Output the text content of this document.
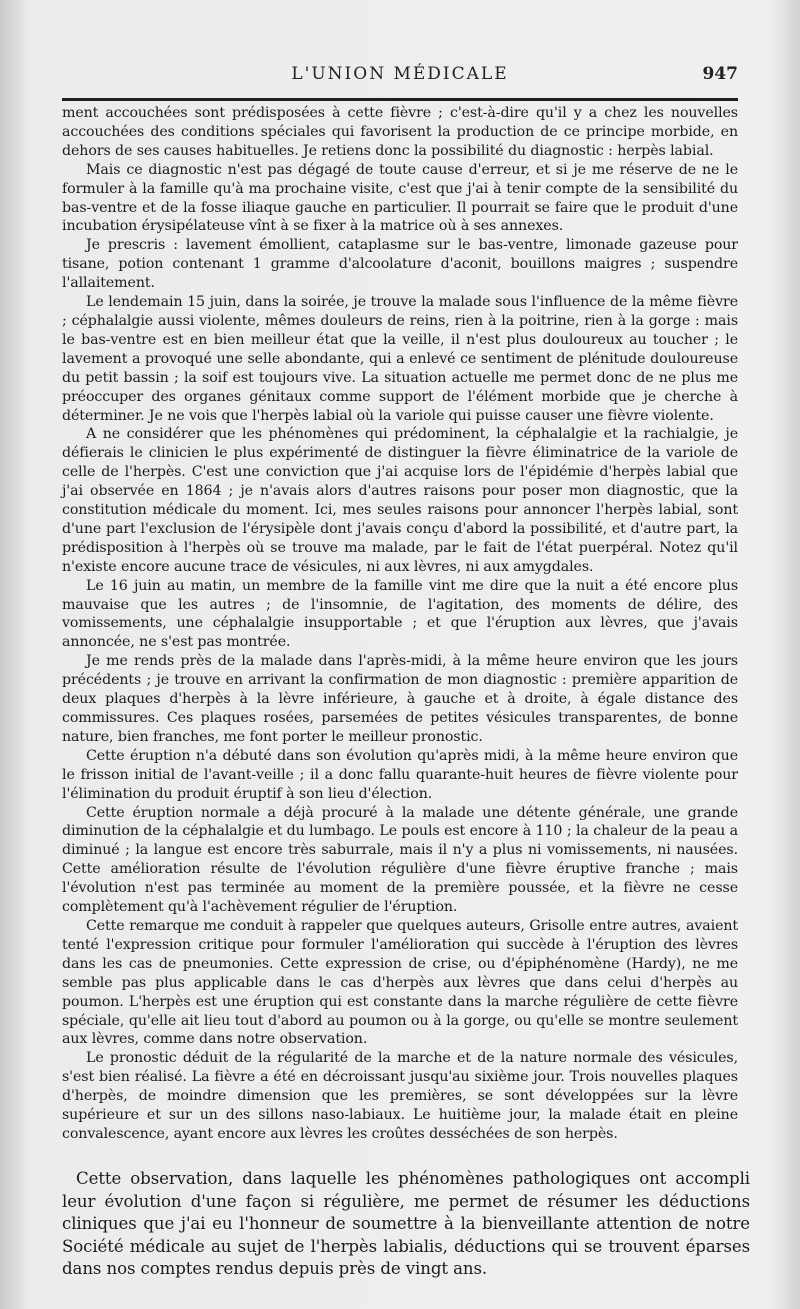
L'UNION MÉDICALE	947

ment accouchées sont prédisposées à cette fièvre ; c'est-à-dire qu'il y a chez les nouvelles accouchées des conditions spéciales qui favorisent la production de ce principe morbide, en dehors de ses causes habituelles. Je retiens donc la possibilité du diagnostic : herpès labial.

Mais ce diagnostic n'est pas dégagé de toute cause d'erreur, et si je me réserve de ne le formuler à la famille qu'à ma prochaine visite, c'est que j'ai à tenir compte de la sensibilité du bas-ventre et de la fosse iliaque gauche en particulier. Il pourrait se faire que le produit d'une incubation érysipélateuse vînt à se fixer à la matrice où à ses annexes.

Je prescris : lavement émollient, cataplasme sur le bas-ventre, limonade gazeuse pour tisane, potion contenant 1 gramme d'alcoolature d'aconit, bouillons maigres ; suspendre l'allaitement.

Le lendemain 15 juin, dans la soirée, je trouve la malade sous l'influence de la même fièvre ; céphalalgie aussi violente, mêmes douleurs de reins, rien à la poitrine, rien à la gorge : mais le bas-ventre est en bien meilleur état que la veille, il n'est plus douloureux au toucher ; le lavement a provoqué une selle abondante, qui a enlevé ce sentiment de plénitude douloureuse du petit bassin ; la soif est toujours vive. La situation actuelle me permet donc de ne plus me préoccuper des organes génitaux comme support de l'élément morbide que je cherche à déterminer. Je ne vois que l'herpès labial où la variole qui puisse causer une fièvre violente.

A ne considérer que les phénomènes qui prédominent, la céphalalgie et la rachialgie, je défierais le clinicien le plus expérimenté de distinguer la fièvre éliminatrice de la variole de celle de l'herpès. C'est une conviction que j'ai acquise lors de l'épidémie d'herpès labial que j'ai observée en 1864 ; je n'avais alors d'autres raisons pour poser mon diagnostic, que la constitution médicale du moment. Ici, mes seules raisons pour annoncer l'herpès labial, sont d'une part l'exclusion de l'érysipèle dont j'avais conçu d'abord la possibilité, et d'autre part, la prédisposition à l'herpès où se trouve ma malade, par le fait de l'état puerpéral. Notez qu'il n'existe encore aucune trace de vésicules, ni aux lèvres, ni aux amygdales.

Le 16 juin au matin, un membre de la famille vint me dire que la nuit a été encore plus mauvaise que les autres ; de l'insomnie, de l'agitation, des moments de délire, des vomissements, une céphalalgie insupportable ; et que l'éruption aux lèvres, que j'avais annoncée, ne s'est pas montrée.

Je me rends près de la malade dans l'après-midi, à la même heure environ que les jours précédents ; je trouve en arrivant la confirmation de mon diagnostic : première apparition de deux plaques d'herpès à la lèvre inférieure, à gauche et à droite, à égale distance des commissures. Ces plaques rosées, parsemées de petites vésicules transparentes, de bonne nature, bien franches, me font porter le meilleur pronostic.

Cette éruption n'a débuté dans son évolution qu'après midi, à la même heure environ que le frisson initial de l'avant-veille ; il a donc fallu quarante-huit heures de fièvre violente pour l'élimination du produit éruptif à son lieu d'élection.

Cette éruption normale a déjà procuré à la malade une détente générale, une grande diminution de la céphalalgie et du lumbago. Le pouls est encore à 110 ; la chaleur de la peau a diminué ; la langue est encore très saburrale, mais il n'y a plus ni vomissements, ni nausées. Cette amélioration résulte de l'évolution régulière d'une fièvre éruptive franche ; mais l'évolution n'est pas terminée au moment de la première poussée, et la fièvre ne cesse complètement qu'à l'achèvement régulier de l'éruption.

Cette remarque me conduit à rappeler que quelques auteurs, Grisolle entre autres, avaient tenté l'expression critique pour formuler l'amélioration qui succède à l'éruption des lèvres dans les cas de pneumonies. Cette expression de crise, ou d'épiphénomène (Hardy), ne me semble pas plus applicable dans le cas d'herpès aux lèvres que dans celui d'herpès au poumon. L'herpès est une éruption qui est constante dans la marche régulière de cette fièvre spéciale, qu'elle ait lieu tout d'abord au poumon ou à la gorge, ou qu'elle se montre seulement aux lèvres, comme dans notre observation.

Le pronostic déduit de la régularité de la marche et de la nature normale des vésicules, s'est bien réalisé. La fièvre a été en décroissant jusqu'au sixième jour. Trois nouvelles plaques d'herpès, de moindre dimension que les premières, se sont développées sur la lèvre supérieure et sur un des sillons naso-labiaux. Le huitième jour, la malade était en pleine convalescence, ayant encore aux lèvres les croûtes desséchées de son herpès.

Cette observation, dans laquelle les phénomènes pathologiques ont accompli leur évolution d'une façon si régulière, me permet de résumer les déductions cliniques que j'ai eu l'honneur de soumettre à la bienveillante attention de notre Société médicale au sujet de l'herpès labialis, déductions qui se trouvent éparses dans nos comptes rendus depuis près de vingt ans.
